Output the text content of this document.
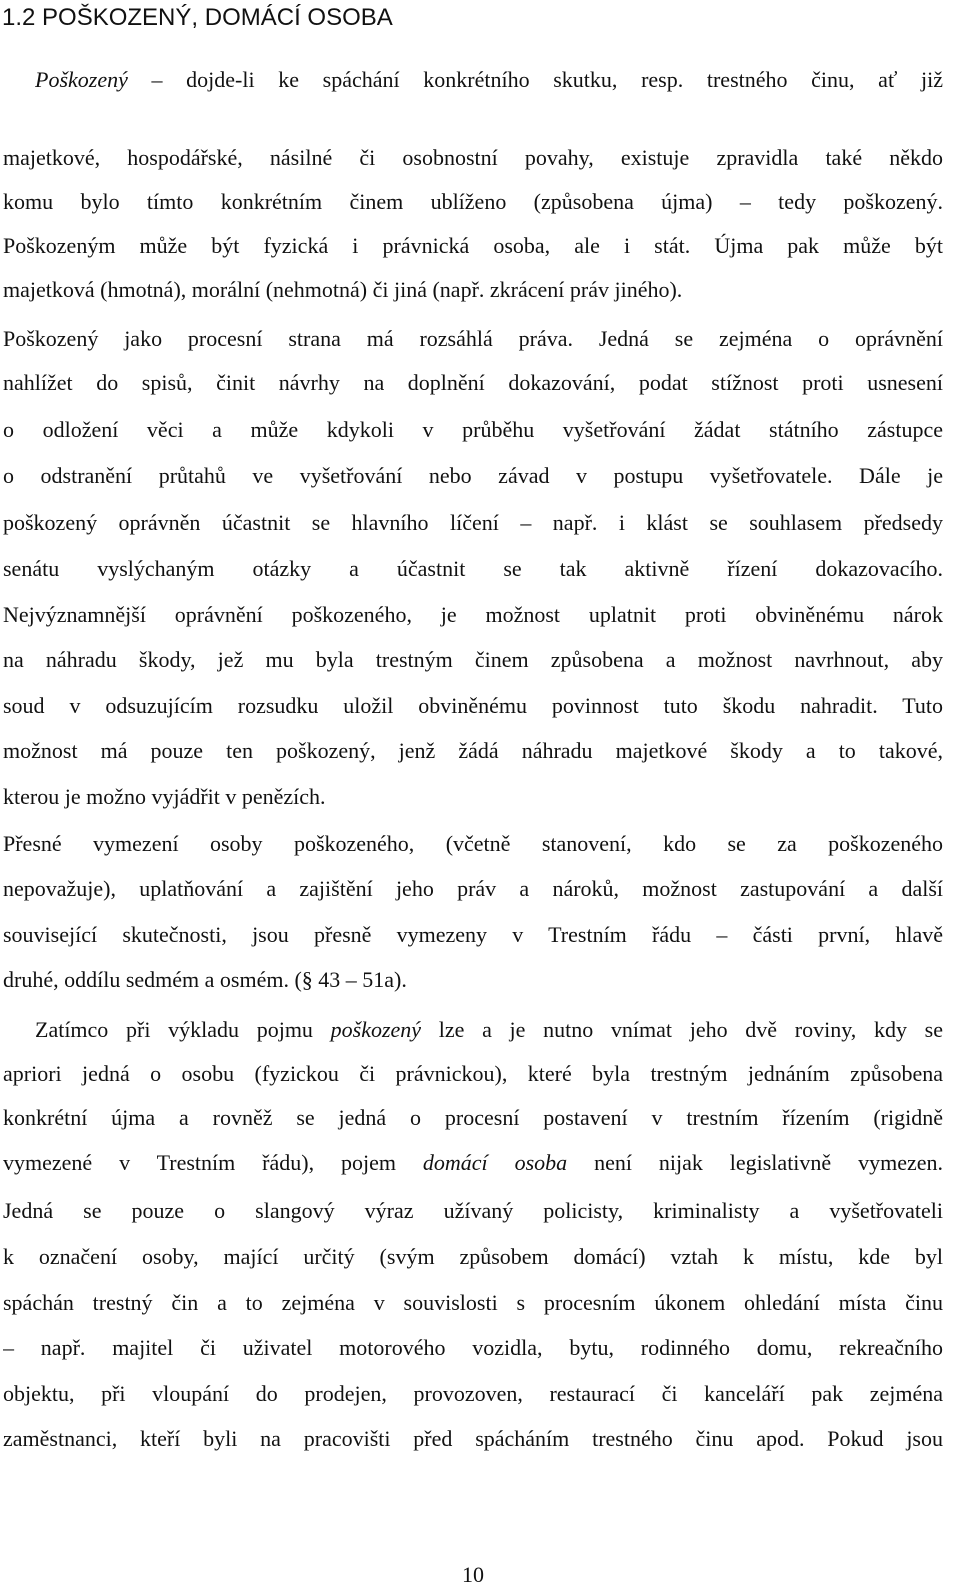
1.2 POŠKOZENÝ, DOMÁCÍ OSOBA
Poškozený – dojde-li ke spáchání konkrétního skutku, resp. trestného činu, ať již
majetkové, hospodářské, násilné či osobnostní povahy, existuje zpravidla také někdo
komu bylo tímto konkrétním činem ublíženo (způsobena újma) – tedy poškozený.
Poškozeným může být fyzická i právnická osoba, ale i stát. Újma pak může být
majetková (hmotná), morální (nehmotná) či jiná (např. zkrácení práv jiného).
Poškozený jako procesní strana má rozsáhlá práva. Jedná se zejména o oprávnění
nahlížet do spisů, činit návrhy na doplnění dokazování, podat stížnost proti usnesení
o odložení věci a může kdykoli v průběhu vyšetřování žádat státního zástupce
o odstranění průtahů ve vyšetřování nebo závad v postupu vyšetřovatele. Dále je
poškozený oprávněn účastnit se hlavního líčení – např. i klást se souhlasem předsedy
senátu vyslýchaným otázky a účastnit se tak aktivně řízení dokazovacího.
Nejvýznamnější oprávnění poškozeného, je možnost uplatnit proti obviněnému nárok
na náhradu škody, jež mu byla trestným činem způsobena a možnost navrhnout, aby
soud v odsuzujícím rozsudku uložil obviněnému povinnost tuto škodu nahradit. Tuto
možnost má pouze ten poškozený, jenž žádá náhradu majetkové škody a to takové,
kterou je možno vyjádřit v penězích.
Přesné vymezení osoby poškozeného, (včetně stanovení, kdo se za poškozeného
nepovažuje), uplatňování a zajištění jeho práv a nároků, možnost zastupování a další
související skutečnosti, jsou přesně vymezeny v Trestním řádu – části první, hlavě
druhé, oddílu sedmém a osmém. (§ 43 – 51a).
Zatímco při výkladu pojmu poškozený lze a je nutno vnímat jeho dvě roviny, kdy se
apriori jedná o osobu (fyzickou či právnickou), které byla trestným jednáním způsobena
konkrétní újma a rovněž se jedná o procesní postavení v trestním řízením (rigidně
vymezené v Trestním řádu), pojem domácí osoba není nijak legislativně vymezen.
Jedná se pouze o slangový výraz užívaný policisty, kriminalisty a vyšetřovateli
k označení osoby, mající určitý (svým způsobem domácí) vztah k místu, kde byl
spáchán trestný čin a to zejména v souvislosti s procesním úkonem ohledání místa činu
– např. majitel či uživatel motorového vozidla, bytu, rodinného domu, rekreačního
objektu, při vloupání do prodejen, provozoven, restaurací či kanceláří pak zejména
zaměstnanci, kteří byli na pracovišti před spácháním trestného činu apod. Pokud jsou
10
